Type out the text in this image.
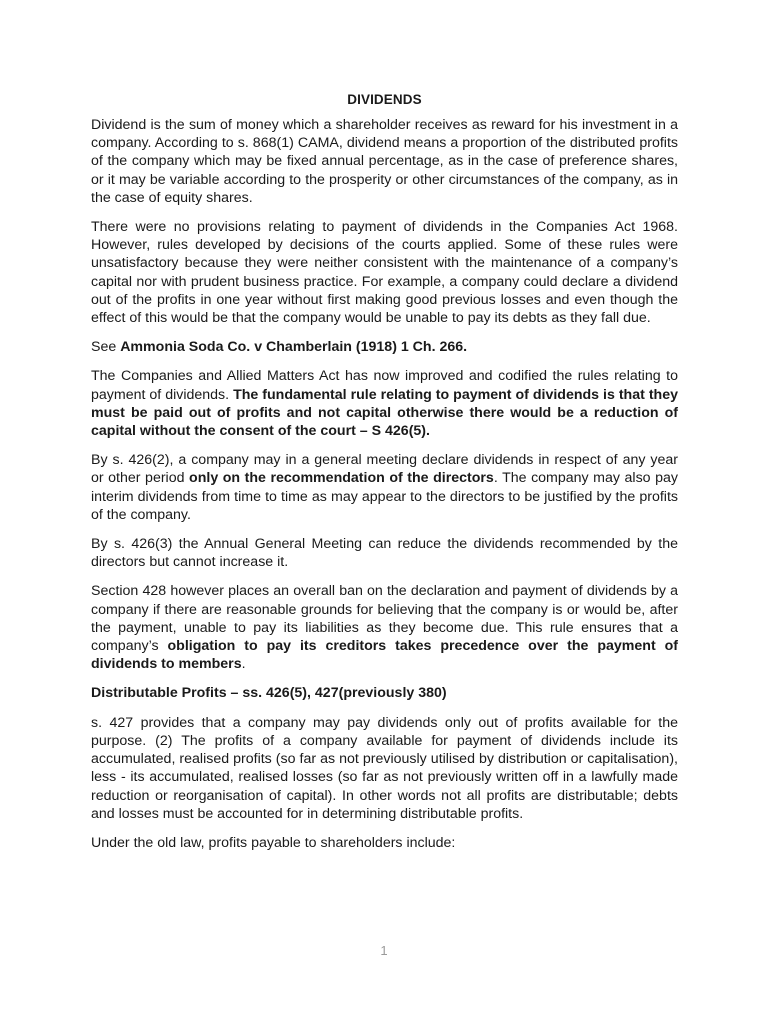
DIVIDENDS

Dividend is the sum of money which a shareholder receives as reward for his investment in a company. According to s. 868(1) CAMA, dividend means a proportion of the distributed profits of the company which may be fixed annual percentage, as in the case of preference shares, or it may be variable according to the prosperity or other circumstances of the company, as in the case of equity shares.

There were no provisions relating to payment of dividends in the Companies Act 1968. However, rules developed by decisions of the courts applied. Some of these rules were unsatisfactory because they were neither consistent with the maintenance of a company’s capital nor with prudent business practice. For example, a company could declare a dividend out of the profits in one year without first making good previous losses and even though the effect of this would be that the company would be unable to pay its debts as they fall due.

See Ammonia Soda Co. v Chamberlain (1918) 1 Ch. 266.

The Companies and Allied Matters Act has now improved and codified the rules relating to payment of dividends. The fundamental rule relating to payment of dividends is that they must be paid out of profits and not capital otherwise there would be a reduction of capital without the consent of the court – S 426(5).

By s. 426(2), a company may in a general meeting declare dividends in respect of any year or other period only on the recommendation of the directors. The company may also pay interim dividends from time to time as may appear to the directors to be justified by the profits of the company.

By s. 426(3) the Annual General Meeting can reduce the dividends recommended by the directors but cannot increase it.

Section 428 however places an overall ban on the declaration and payment of dividends by a company if there are reasonable grounds for believing that the company is or would be, after the payment, unable to pay its liabilities as they become due. This rule ensures that a company’s obligation to pay its creditors takes precedence over the payment of dividends to members.

Distributable Profits – ss. 426(5), 427(previously 380)

s. 427 provides that a company may pay dividends only out of profits available for the purpose. (2) The profits of a company available for payment of dividends include its accumulated, realised profits (so far as not previously utilised by distribution or capitalisation), less - its accumulated, realised losses (so far as not previously written off in a lawfully made reduction or reorganisation of capital). In other words not all profits are distributable; debts and losses must be accounted for in determining distributable profits.

Under the old law, profits payable to shareholders include:

1
